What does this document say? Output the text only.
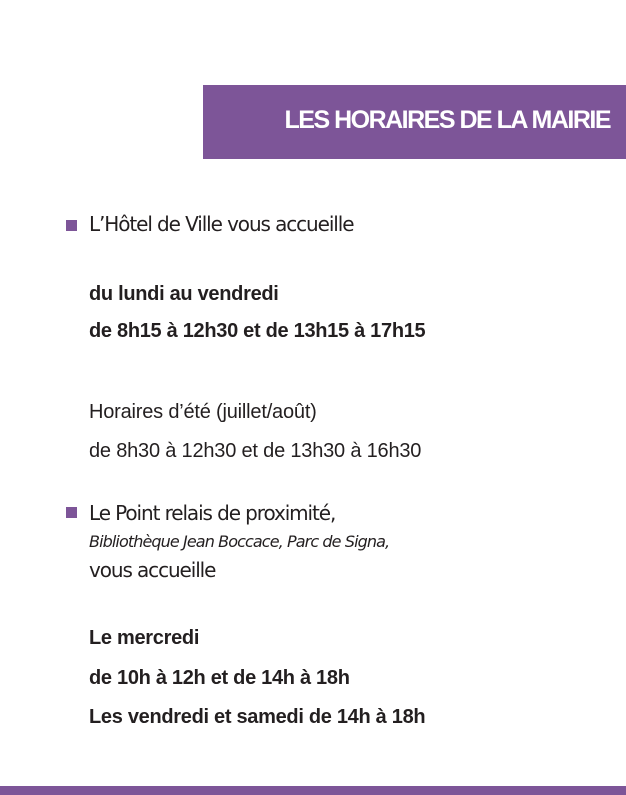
LES HORAIRES DE LA MAIRIE
L’Hôtel de Ville vous accueille
du lundi au vendredi
de 8h15 à 12h30 et de 13h15 à 17h15
Horaires d’été (juillet/août)
de 8h30 à 12h30 et de 13h30 à 16h30
Le Point relais de proximité,
Bibliothèque Jean Boccace, Parc de Signa,
vous accueille
Le mercredi
de 10h à 12h et de 14h à 18h
Les vendredi et samedi de 14h à 18h
